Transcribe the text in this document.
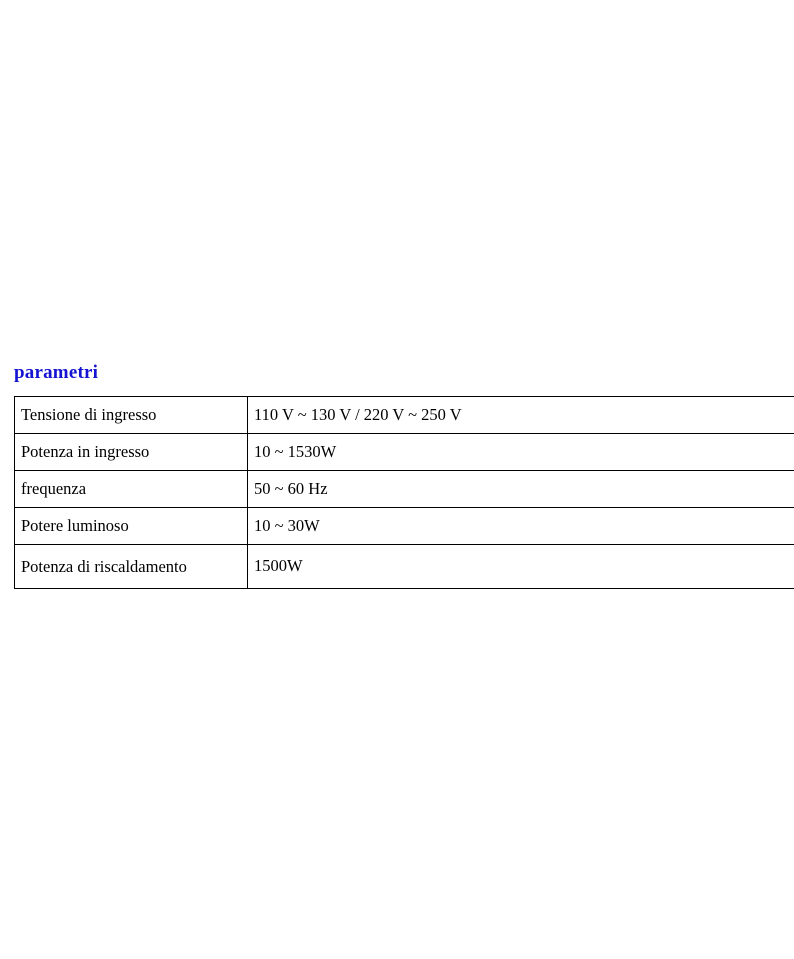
parametri
Tensione di ingresso	110 V ~ 130 V / 220 V ~ 250 V
Potenza in ingresso	10 ~ 1530W
frequenza	50 ~ 60 Hz
Potere luminoso	10 ~ 30W
Potenza di riscaldamento	1500W
